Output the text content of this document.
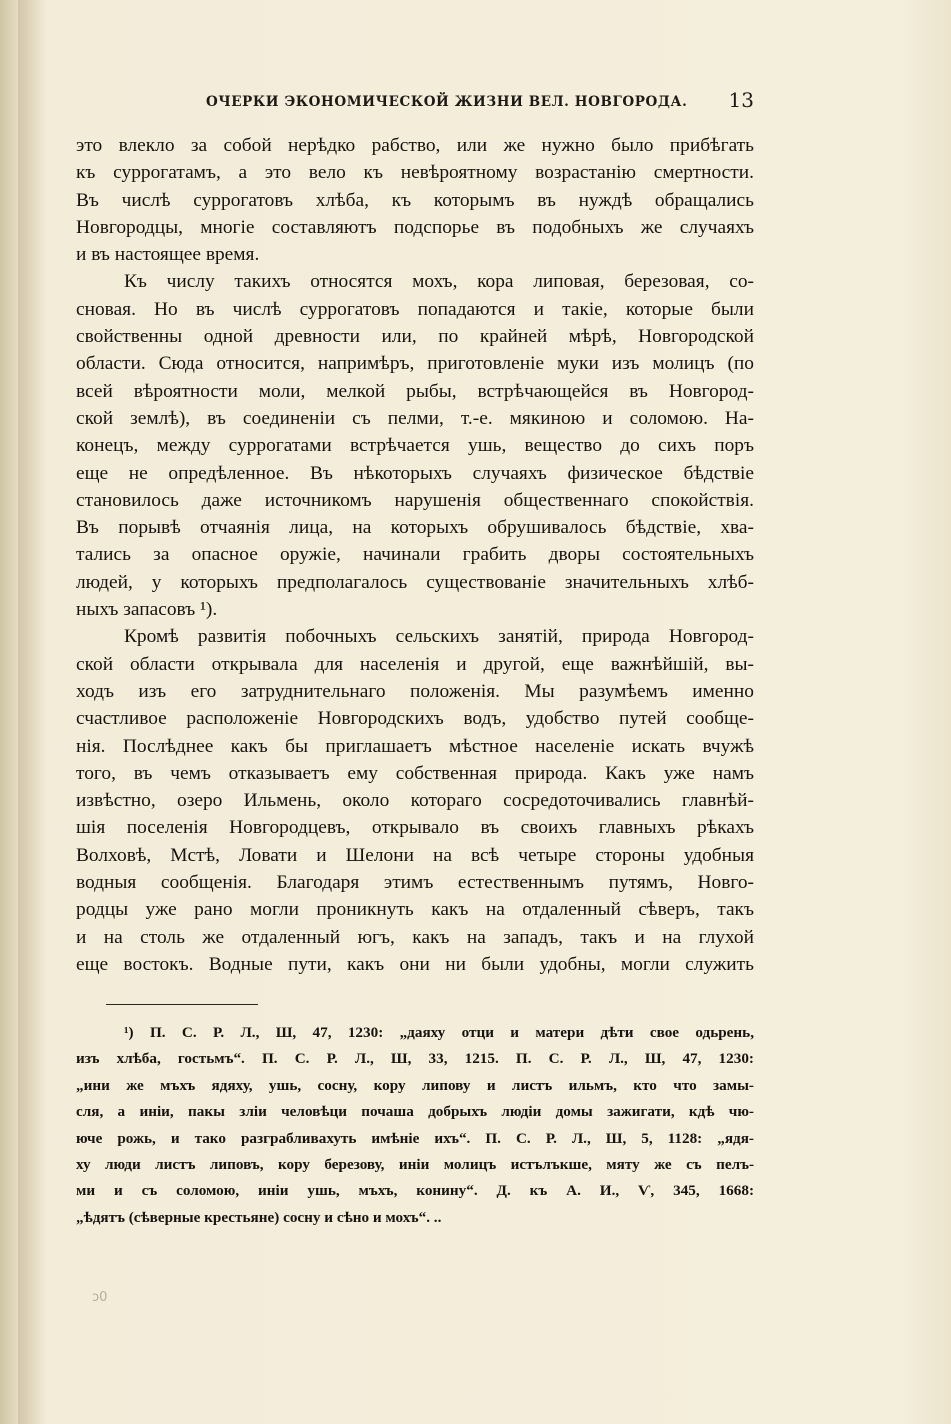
ОЧЕРКИ ЭКОНОМИЧЕСКОЙ ЖИЗНИ ВЕЛ. НОВГОРОДА. 13
это влекло за собой нерѣдко рабство, или же нужно было прибѣгать
къ суррогатамъ, а это вело къ невѣроятному возрастанію смертности.
Въ числѣ суррогатовъ хлѣба, къ которымъ въ нуждѣ обращались
Новгородцы, многіе составляютъ подспорье въ подобныхъ же случаяхъ
и въ настоящее время.
Къ числу такихъ относятся мохъ, кора липовая, березовая, со-
сновая. Но въ числѣ суррогатовъ попадаются и такіе, которые были
свойственны одной древности или, по крайней мѣрѣ, Новгородской
области. Сюда относится, напримѣръ, приготовленіе муки изъ молицъ (по
всей вѣроятности моли, мелкой рыбы, встрѣчающейся въ Новгород-
ской землѣ), въ соединеніи съ пелми, т.-е. мякиною и соломою. На-
конецъ, между суррогатами встрѣчается ушь, вещество до сихъ поръ
еще не опредѣленное. Въ нѣкоторыхъ случаяхъ физическое бѣдствіе
становилось даже источникомъ нарушенія общественнаго спокойствія.
Въ порывѣ отчаянія лица, на которыхъ обрушивалось бѣдствіе, хва-
тались за опасное оружіе, начинали грабить дворы состоятельныхъ
людей, у которыхъ предполагалось существованіе значительныхъ хлѣб-
ныхъ запасовъ ¹).
Кромѣ развитія побочныхъ сельскихъ занятій, природа Новгород-
ской области открывала для населенія и другой, еще важнѣйшій, вы-
ходъ изъ его затруднительнаго положенія. Мы разумѣемъ именно
счастливое расположеніе Новгородскихъ водъ, удобство путей сообще-
нія. Послѣднее какъ бы приглашаетъ мѣстное населеніе искать вчужѣ
того, въ чемъ отказываетъ ему собственная природа. Какъ уже намъ
извѣстно, озеро Ильмень, около котораго сосредоточивались главнѣй-
шія поселенія Новгородцевъ, открывало въ своихъ главныхъ рѣкахъ
Волховѣ, Мстѣ, Ловати и Шелони на всѣ четыре стороны удобныя
водныя сообщенія. Благодаря этимъ естественнымъ путямъ, Новго-
родцы уже рано могли проникнуть какъ на отдаленный сѣверъ, такъ
и на столь же отдаленный югъ, какъ на западъ, такъ и на глухой
еще востокъ. Водные пути, какъ они ни были удобны, могли служить
¹) П. С. Р. Л., Ш, 47, 1230: „даяху отци и матери дѣти свое одьрень,
изъ хлѣба, гостьмъ“. П. С. Р. Л., Ш, 33, 1215. П. С. Р. Л., Ш, 47, 1230:
„ини же мъхъ ядяху, ушь, сосну, кору липову и листъ ильмъ, кто что замы-
сля, а иніи, пакы зліи человѣци почаша добрыхъ людіи домы зажигати, кдѣ чю-
юче рожь, и тако разграбливахуть имѣніе ихъ“. П. С. Р. Л., Ш, 5, 1128: „ядя-
ху люди листъ липовъ, кору березову, иніи молицъ истълъкше, мяту же съ пелъ-
ми и съ соломою, иніи ушь, мъхъ, конину“. Д. къ А. И., Ѵ, 345, 1668:
„ѣдятъ (сѣверные крестьяне) сосну и сѣно и мохъ“. ..
ↄ0
